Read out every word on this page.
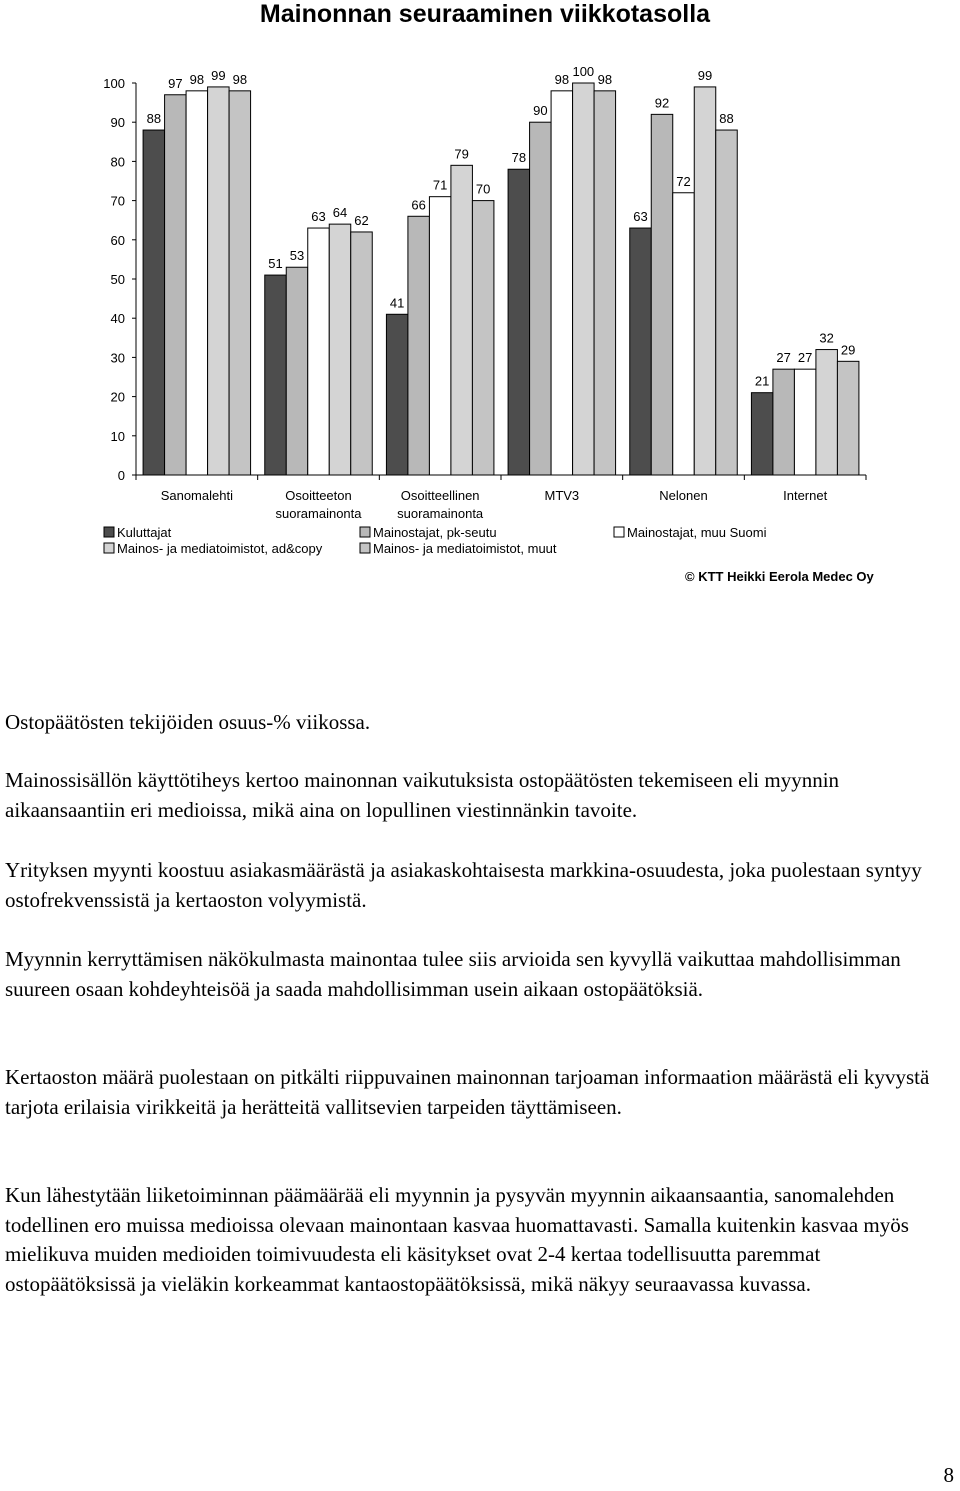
Mainonnan seuraaminen viikkotasolla
0
10
20
30
40
50
60
70
80
90
100
Sanomalehti	Osoitteeton
suoramainonta
Osoitteellinen
suoramainonta
MTV3	Nelonen	Internet
88
97 98 99 98
51
53
63 64
62
41
66
71
79
70
78
90
98
100
98
63
92
72
99
88
21
27 27
32
29
Kuluttajat	Mainostajat, pk-seutu	Mainostajat, muu Suomi
Mainos- ja mediatoimistot, ad&copy	Mainos- ja mediatoimistot, muut
© KTT Heikki Eerola Medec Oy

Ostopäätösten tekijöiden osuus-% viikossa.

Mainossisällön käyttötiheys kertoo mainonnan vaikutuksista ostopäätösten tekemiseen eli myynnin aikaansaantiin eri medioissa, mikä aina on lopullinen viestinnänkin tavoite.

Yrityksen myynti koostuu asiakasmäärästä ja asiakaskohtaisesta markkina-osuudesta, joka puolestaan syntyy ostofrekvenssistä ja kertaoston volyymistä.

Myynnin kerryttämisen näkökulmasta mainontaa tulee siis arvioida sen kyvyllä vaikuttaa mahdollisimman suureen osaan kohdeyhteisöä ja saada mahdollisimman usein aikaan ostopäätöksiä.

Kertaoston määrä puolestaan on pitkälti riippuvainen mainonnan tarjoaman informaation määrästä eli kyvystä tarjota erilaisia virikkeitä ja herätteitä vallitsevien tarpeiden täyttämiseen.

Kun lähestytään liiketoiminnan päämäärää eli myynnin ja pysyvän myynnin aikaansaantia, sanomalehden todellinen ero muissa medioissa olevaan mainontaan kasvaa huomattavasti. Samalla kuitenkin kasvaa myös mielikuva muiden medioiden toimivuudesta eli käsitykset ovat 2-4 kertaa todellisuutta paremmat ostopäätöksissä ja vieläkin korkeammat kantaostopäätöksissä, mikä näkyy seuraavassa kuvassa.

8
